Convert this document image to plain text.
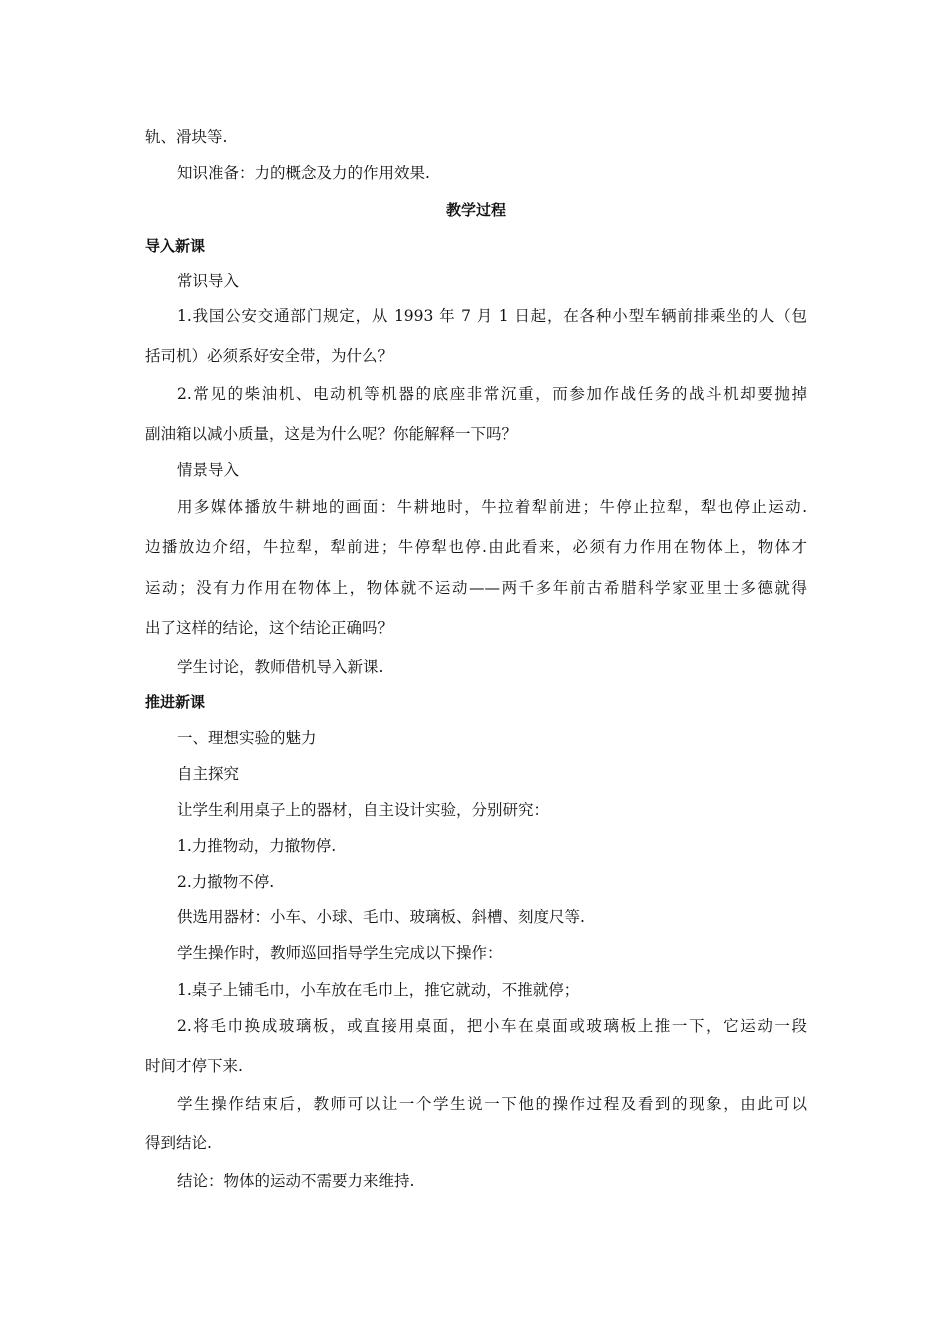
轨、滑块等.
知识准备：力的概念及力的作用效果.
教学过程
导入新课
常识导入
1.我国公安交通部门规定，从 1993 年 7 月 1 日起，在各种小型车辆前排乘坐的人（包
括司机）必须系好安全带，为什么？
2.常见的柴油机、电动机等机器的底座非常沉重，而参加作战任务的战斗机却要抛掉
副油箱以减小质量，这是为什么呢？你能解释一下吗？
情景导入
用多媒体播放牛耕地的画面：牛耕地时，牛拉着犁前进；牛停止拉犁，犁也停止运动.
边播放边介绍，牛拉犁，犁前进；牛停犁也停.由此看来，必须有力作用在物体上，物体才
运动；没有力作用在物体上，物体就不运动——两千多年前古希腊科学家亚里士多德就得
出了这样的结论，这个结论正确吗？
学生讨论，教师借机导入新课.
推进新课
一、理想实验的魅力
自主探究
让学生利用桌子上的器材，自主设计实验，分别研究：
1.力推物动，力撤物停.
2.力撤物不停.
供选用器材：小车、小球、毛巾、玻璃板、斜槽、刻度尺等.
学生操作时，教师巡回指导学生完成以下操作：
1.桌子上铺毛巾，小车放在毛巾上，推它就动，不推就停；
2.将毛巾换成玻璃板，或直接用桌面，把小车在桌面或玻璃板上推一下，它运动一段
时间才停下来.
学生操作结束后，教师可以让一个学生说一下他的操作过程及看到的现象，由此可以
得到结论.
结论：物体的运动不需要力来维持.
